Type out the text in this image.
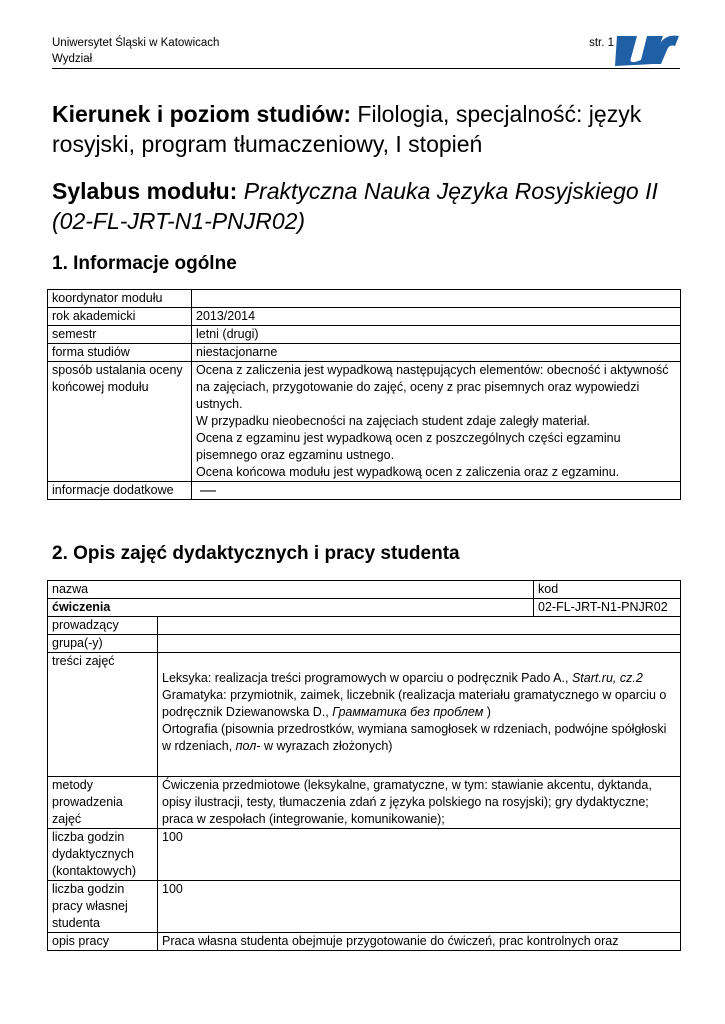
Uniwersytet Śląski w Katowicach
Wydział
str. 1
Kierunek i poziom studiów: Filologia, specjalność: język rosyjski, program tłumaczeniowy, I stopień
Sylabus modułu: Praktyczna Nauka Języka Rosyjskiego II (02-FL-JRT-N1-PNJR02)
1. Informacje ogólne
koordynator modułu	
rok akademicki	2013/2014
semestr	letni (drugi)
forma studiów	niestacjonarne
sposób ustalania oceny końcowej modułu	Ocena z zaliczenia jest wypadkową następujących elementów: obecność i aktywność na zajęciach, przygotowanie do zajęć, oceny z prac pisemnych oraz wypowiedzi ustnych.
W przypadku nieobecności na zajęciach student zdaje zaległy materiał.
Ocena z egzaminu jest wypadkową ocen z poszczególnych części egzaminu pisemnego oraz egzaminu ustnego.
Ocena końcowa modułu jest wypadkową ocen z zaliczenia oraz z egzaminu.

informacje dodatkowe	—
2. Opis zajęć dydaktycznych i pracy studenta
nazwa		kod
ćwiczenia		02-FL-JRT-N1-PNJR02
prowadzący		
grupa(-y)		
treści zajęć	Leksyka: realizacja treści programowych w oparciu o podręcznik Pado A., Start.ru, cz.2
Gramatyka: przymiotnik, zaimek, liczebnik (realizacja materiału gramatycznego w oparciu o podręcznik Dziewanowska D., Грамматика без проблем )
Ortografia (pisownia przedrostków, wymiana samogłosek w rdzeniach, podwójne spółgłoski w rdzeniach, пол- w wyrazach złożonych)	

metody prowadzenia zajęć	Ćwiczenia przedmiotowe (leksykalne, gramatyczne, w tym: stawianie akcentu, dyktanda, opisy ilustracji, testy, tłumaczenia zdań z języka polskiego na rosyjski); gry dydaktyczne; praca w zespołach (integrowanie, komunikowanie);	
liczba godzin dydaktycznych (kontaktowych)	100	
liczba godzin pracy własnej studenta	100	
opis pracy	Praca własna studenta obejmuje przygotowanie do ćwiczeń, prac kontrolnych oraz	
